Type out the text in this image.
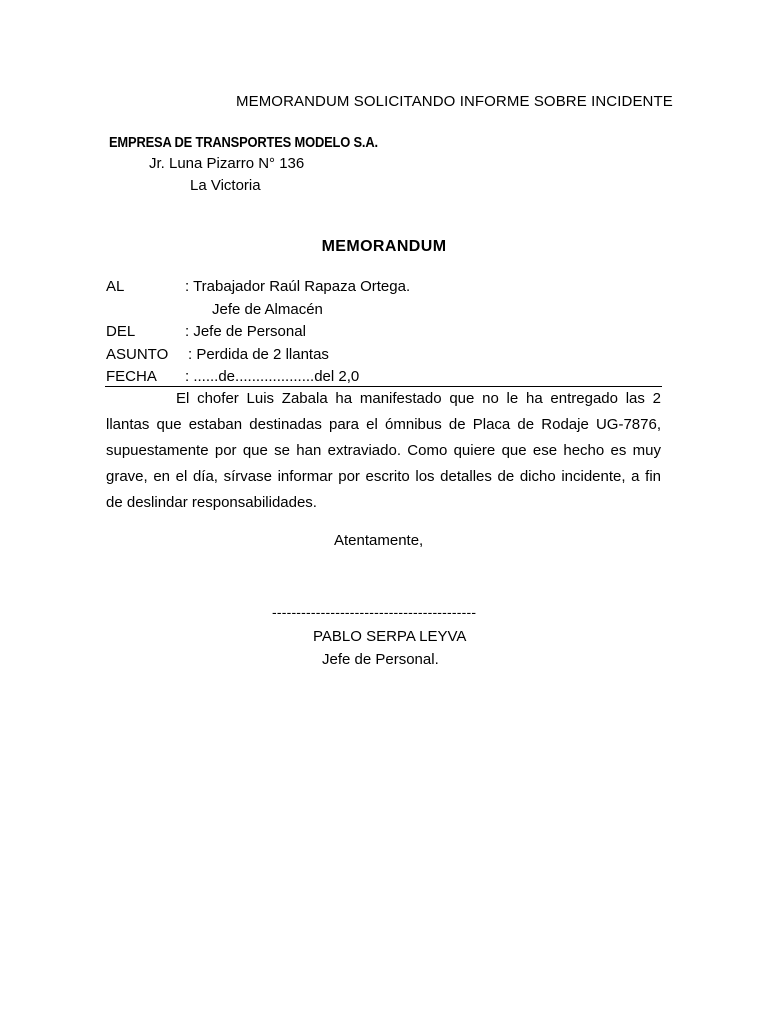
MEMORANDUM SOLICITANDO INFORME SOBRE INCIDENTE
EMPRESA DE TRANSPORTES MODELO S.A.
Jr. Luna Pizarro N° 136
La Victoria
MEMORANDUM
AL	: Trabajador Raúl Rapaza Ortega.
Jefe de Almacén
DEL	: Jefe de Personal
ASUNTO : Perdida de 2 llantas
FECHA : ......de...................del 2,0

El chofer Luis Zabala ha manifestado que no le ha entregado las 2 llantas que estaban destinadas para el ómnibus de Placa de Rodaje UG-7876, supuestamente por que se han extraviado. Como quiere que ese hecho es muy grave, en el día, sírvase informar por escrito los detalles de dicho incidente, a fin de deslindar responsabilidades.

Atentamente,
------------------------------------------
PABLO SERPA LEYVA
Jefe de Personal.
